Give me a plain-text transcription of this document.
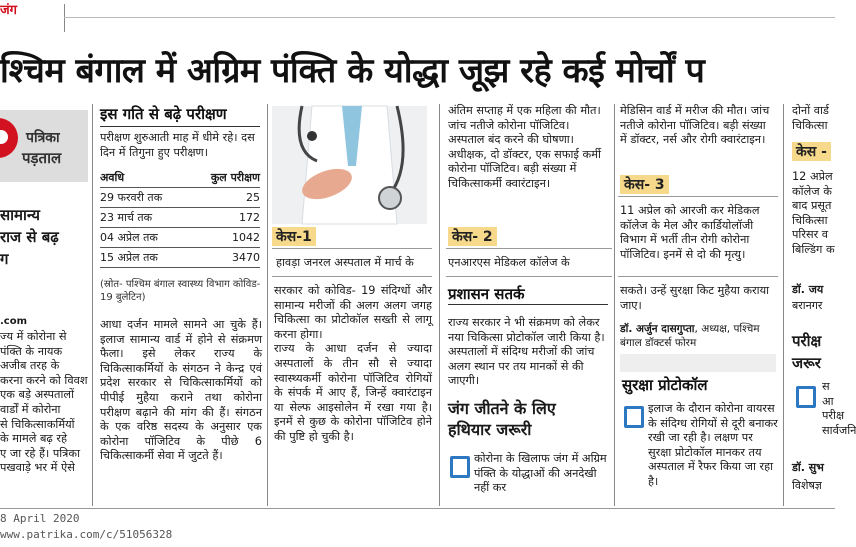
जंग
श्चिम बंगाल में अग्रिम पंक्ति के योद्धा जूझ रहे कई मोर्चों प
पत्रिका
पड़ताल
सामान्य
राज से बढ़
ग
.com
ज्य में कोरोना से
पंक्ति के नायक
अजीब तरह के
करना करने को विवश
एक बड़े अस्पतालों
वार्डों में कोरोना
से चिकित्साकर्मियों
के मामले बढ़ रहे
ए जा रहे हैं। पत्रिका
पखवाड़े भर में ऐसे
इस गति से बढ़े परीक्षण
परीक्षण शुरुआती माह में धीमे रहे। दस दिन में तिगुना हुए परीक्षण।
अवधि	कुल परीक्षण
29 फरवरी तक	25
23 मार्च तक	172
04 अप्रेल तक	1042
15 अप्रेल तक	3470
(स्रोत- पश्चिम बंगाल स्वास्थ्य विभाग कोविड- 19 बुलेटिन)
आधा दर्जन मामले सामने आ चुके हैं। इलाज सामान्य वार्ड में होने से संक्रमण फैला। इसे लेकर राज्य के चिकित्साकर्मियों के संगठन ने केन्द्र एवं प्रदेश सरकार से चिकित्साकर्मियों को पीपीई मुहैया कराने तथा कोरोना परीक्षण बढ़ाने की मांग की हैं। संगठन के एक वरिष्ठ सदस्य के अनुसार एक कोरोना पॉजिटिव के पीछे 6 चिकित्साकर्मी सेवा में जुटते हैं।
केस-1
हावड़ा जनरल अस्पताल में मार्च के
सरकार को कोविड- 19 संदिग्धों और सामान्य मरीजों की अलग अलग जगह चिकित्सा का प्रोटोकॉल सख्ती से लागू करना होगा।
राज्य के आधा दर्जन से ज्यादा अस्पतालों के तीन सौ से ज्यादा स्वास्थ्यकर्मी कोरोना पॉजिटिव रोगियों के संपर्क में आए हैं, जिन्हें क्वारंटाइन या सेल्फ आइसोलेन में रखा गया है। इनमें से कुछ के कोरोना पॉजिटिव होने की पुष्टि हो चुकी है।
अंतिम सप्ताह में एक महिला की मौत। जांच नतीजे कोरोना पॉजिटिव। अस्पताल बंद करने की घोषणा। अधीक्षक, दो डॉक्टर, एक सफाई कर्मी कोरोना पॉजिटिव। बड़ी संख्या में चिकित्साकर्मी क्वारंटाइन।
केस- 2
एनआरएस मेडिकल कॉलेज के
प्रशासन सतर्क
राज्य सरकार ने भी संक्रमण को लेकर नया चिकित्सा प्रोटोकॉल जारी किया है। अस्पतालों में संदिग्ध मरीजों की जांच अलग स्थान पर तय मानकों से की जाएगी।
जंग जीतने के लिए हथियार जरूरी
कोरोना के खिलाफ जंग में अग्रिम पंक्ति के योद्धाओं की अनदेखी नहीं कर
मेडिसिन वार्ड में मरीज की मौत। जांच नतीजे कोरोना पॉजिटिव। बड़ी संख्या में डॉक्टर, नर्स और रोगी क्वारंटाइन।
केस- 3
11 अप्रेल को आरजी कर मेडिकल कॉलेज के मेल और कार्डियोलॉजी विभाग में भर्ती तीन रोगी कोरोना पॉजिटिव। इनमें से दो की मृत्यु।
सकते। उन्हें सुरक्षा किट मुहैया कराया जाए।
डॉ. अर्जुन दासगुप्ता, अध्यक्ष, पश्चिम बंगाल डॉक्टर्स फोरम
सुरक्षा प्रोटोकॉल
इलाज के दौरान कोरोना वायरस के संदिग्ध रोगियों से दूरी बनाकर रखी जा रही है। लक्षण पर सुरक्षा प्रोटोकॉल मानकर तय अस्पताल में रैफर किया जा रहा है।
दोनों वार्ड
चिकित्सा
केस -
12 अप्रेल
कॉलेज के
बाद प्रसूत
चिकित्सा
परिसर व
बिल्डिंग क
डॉ. जय
बरानगर
परीक्ष
जरूर
स
आ
परीक्ष
सार्वजनि
डॉ. सुभ
विशेषज्ञ
8 April 2020
www.patrika.com/c/51056328
